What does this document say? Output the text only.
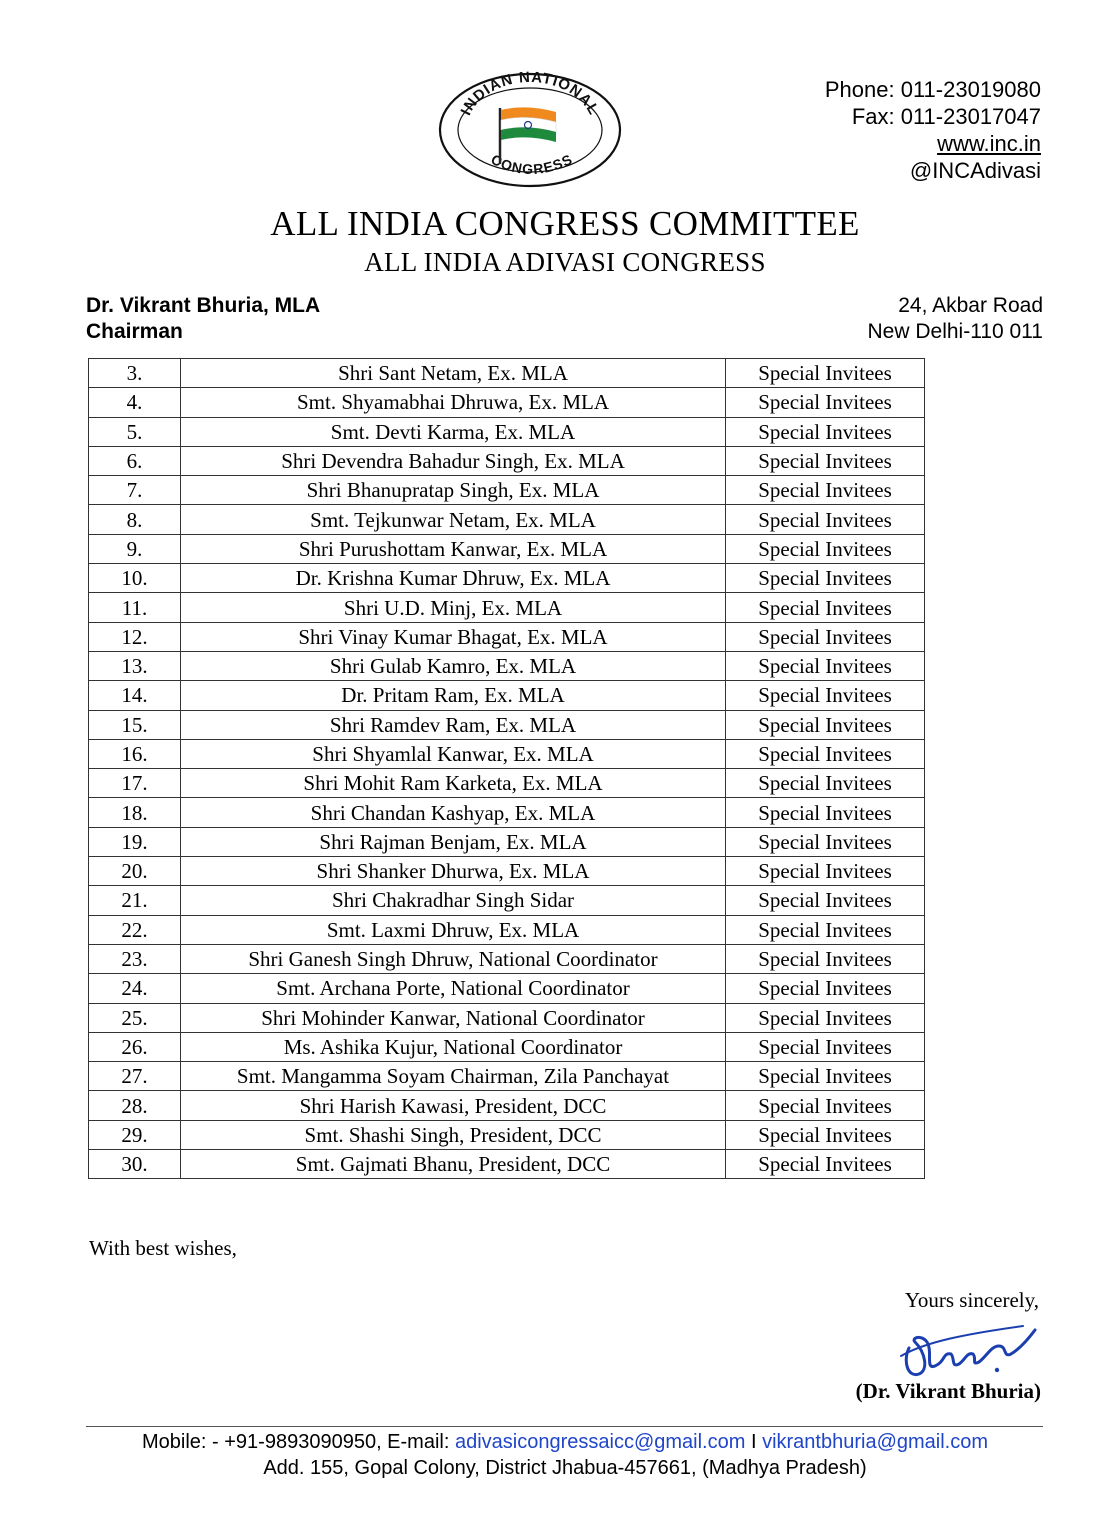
INDIAN NATIONAL
CONGRESS
Phone: 011-23019080
Fax: 011-23017047
www.inc.in
@INCAdivasi
ALL INDIA CONGRESS COMMITTEE
ALL INDIA ADIVASI CONGRESS
Dr. Vikrant Bhuria, MLA
Chairman
24, Akbar Road
New Delhi-110 011
3.	Shri Sant Netam, Ex. MLA	Special Invitees
4.	Smt. Shyamabhai Dhruwa, Ex. MLA	Special Invitees
5.	Smt. Devti Karma, Ex. MLA	Special Invitees
6.	Shri Devendra Bahadur Singh, Ex. MLA	Special Invitees
7.	Shri Bhanupratap Singh, Ex. MLA	Special Invitees
8.	Smt. Tejkunwar Netam, Ex. MLA	Special Invitees
9.	Shri Purushottam Kanwar, Ex. MLA	Special Invitees
10.	Dr. Krishna Kumar Dhruw, Ex. MLA	Special Invitees
11.	Shri U.D. Minj, Ex. MLA	Special Invitees
12.	Shri Vinay Kumar Bhagat, Ex. MLA	Special Invitees
13.	Shri Gulab Kamro, Ex. MLA	Special Invitees
14.	Dr. Pritam Ram, Ex. MLA	Special Invitees
15.	Shri Ramdev Ram, Ex. MLA	Special Invitees
16.	Shri Shyamlal Kanwar, Ex. MLA	Special Invitees
17.	Shri Mohit Ram Karketa, Ex. MLA	Special Invitees
18.	Shri Chandan Kashyap, Ex. MLA	Special Invitees
19.	Shri Rajman Benjam, Ex. MLA	Special Invitees
20.	Shri Shanker Dhurwa, Ex. MLA	Special Invitees
21.	Shri Chakradhar Singh Sidar	Special Invitees
22.	Smt. Laxmi Dhruw, Ex. MLA	Special Invitees
23.	Shri Ganesh Singh Dhruw, National Coordinator	Special Invitees
24.	Smt. Archana Porte, National Coordinator	Special Invitees
25.	Shri Mohinder Kanwar, National Coordinator	Special Invitees
26.	Ms. Ashika Kujur, National Coordinator	Special Invitees
27.	Smt. Mangamma Soyam Chairman, Zila Panchayat	Special Invitees
28.	Shri Harish Kawasi, President, DCC	Special Invitees
29.	Smt. Shashi Singh, President, DCC	Special Invitees
30.	Smt. Gajmati Bhanu, President, DCC	Special Invitees
With best wishes,
Yours sincerely,
(Dr. Vikrant Bhuria)
Mobile: - +91-9893090950, E-mail: adivasicongressaicc@gmail.com I vikrantbhuria@gmail.com
Add. 155, Gopal Colony, District Jhabua-457661, (Madhya Pradesh)
